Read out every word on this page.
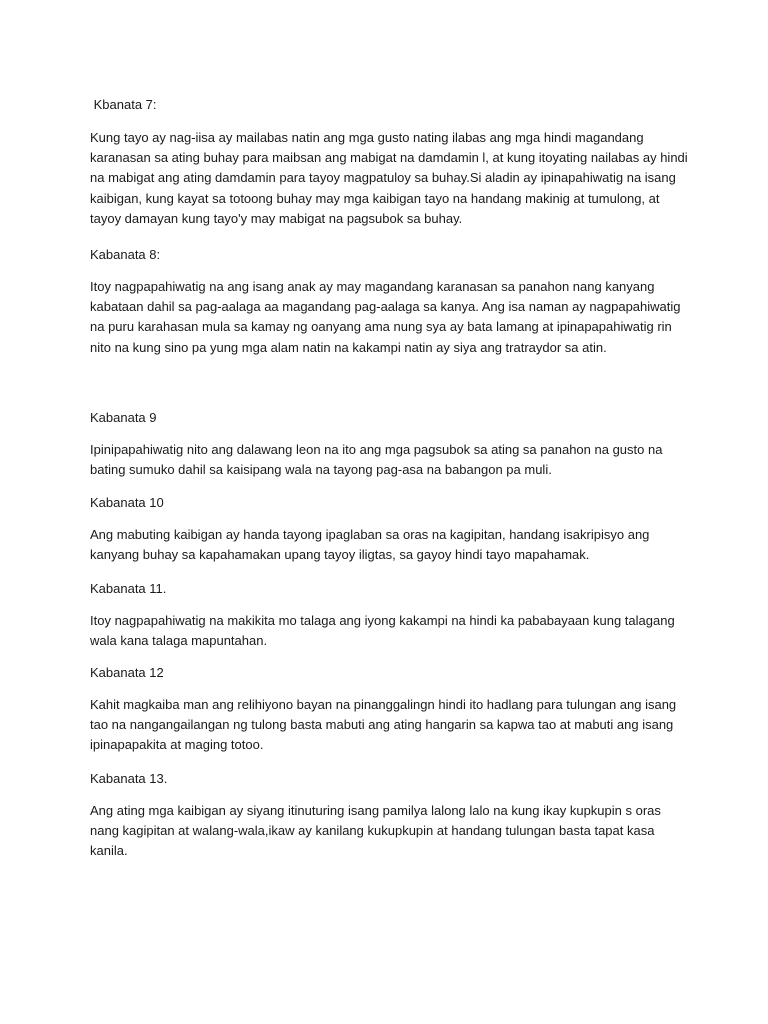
Kbanata 7:

Kung tayo ay nag-iisa ay mailabas natin ang mga gusto nating ilabas ang mga hindi magandang karanasan sa ating buhay para maibsan ang mabigat na damdamin l, at kung itoyating nailabas ay hindi na mabigat ang ating damdamin para tayoy magpatuloy sa buhay.Si aladin ay ipinapahiwatig na isang kaibigan, kung kayat sa totoong buhay may mga kaibigan tayo na handang makinig at tumulong, at tayoy damayan kung tayo'y may mabigat na pagsubok sa buhay.

Kabanata 8:

Itoy nagpapahiwatig na ang isang anak ay may magandang karanasan sa panahon nang kanyang kabataan dahil sa pag-aalaga aa magandang pag-aalaga sa kanya. Ang isa naman ay nagpapahiwatig na puru karahasan mula sa kamay ng oanyang ama nung sya ay bata lamang at ipinapapahiwatig rin nito na kung sino pa yung mga alam natin na kakampi natin ay siya ang tratraydor sa atin.

Kabanata 9

Ipinipapahiwatig nito ang dalawang leon na ito ang mga pagsubok sa ating sa panahon na gusto na bating sumuko dahil sa kaisipang wala na tayong pag-asa na babangon pa muli.

Kabanata 10

Ang mabuting kaibigan ay handa tayong ipaglaban sa oras na kagipitan, handang isakripisyo ang kanyang buhay sa kapahamakan upang tayoy iligtas, sa gayoy hindi tayo mapahamak.

Kabanata 11.

Itoy nagpapahiwatig na makikita mo talaga ang iyong kakampi na hindi ka pababayaan kung talagang wala kana talaga mapuntahan.

Kabanata 12

Kahit magkaiba man ang relihiyono bayan na pinanggalingn hindi ito hadlang para tulungan ang isang tao na nangangailangan ng tulong basta mabuti ang ating hangarin sa kapwa tao at mabuti ang isang ipinapapakita at maging totoo.

Kabanata 13.

Ang ating mga kaibigan ay siyang itinuturing isang pamilya lalong lalo na kung ikay kupkupin s oras nang kagipitan at walang-wala,ikaw ay kanilang kukupkupin at handang tulungan basta tapat kasa kanila.
